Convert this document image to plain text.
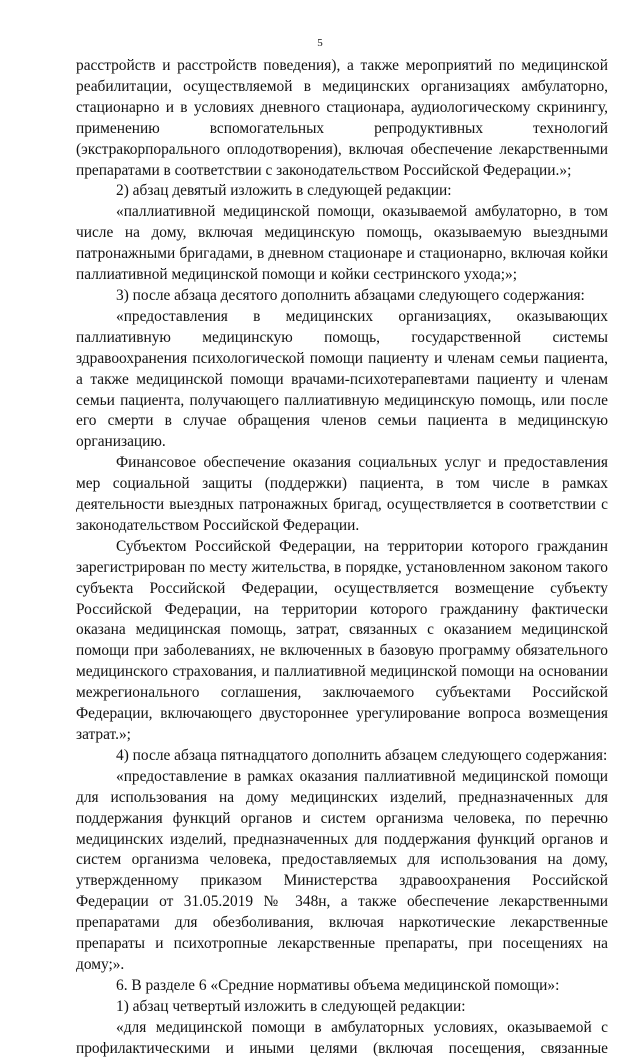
5

расстройств и расстройств поведения), а также мероприятий по медицинской реабилитации, осуществляемой в медицинских организациях амбулаторно, стационарно и в условиях дневного стационара, аудиологическому скринингу, применению вспомогательных репродуктивных технологий (экстракорпорального оплодотворения), включая обеспечение лекарственными препаратами в соответствии с законодательством Российской Федерации.»;

2) абзац девятый изложить в следующей редакции:

«паллиативной медицинской помощи, оказываемой амбулаторно, в том числе на дому, включая медицинскую помощь, оказываемую выездными патронажными бригадами, в дневном стационаре и стационарно, включая койки паллиативной медицинской помощи и койки сестринского ухода;»;

3) после абзаца десятого дополнить абзацами следующего содержания:

«предоставления в медицинских организациях, оказывающих паллиативную медицинскую помощь, государственной системы здравоохранения психологической помощи пациенту и членам семьи пациента, а также медицинской помощи врачами-психотерапевтами пациенту и членам семьи пациента, получающего паллиативную медицинскую помощь, или после его смерти в случае обращения членов семьи пациента в медицинскую организацию.

Финансовое обеспечение оказания социальных услуг и предоставления мер социальной защиты (поддержки) пациента, в том числе в рамках деятельности выездных патронажных бригад, осуществляется в соответствии с законодательством Российской Федерации.

Субъектом Российской Федерации, на территории которого гражданин зарегистрирован по месту жительства, в порядке, установленном законом такого субъекта Российской Федерации, осуществляется возмещение субъекту Российской Федерации, на территории которого гражданину фактически оказана медицинская помощь, затрат, связанных с оказанием медицинской помощи при заболеваниях, не включенных в базовую программу обязательного медицинского страхования, и паллиативной медицинской помощи на основании межрегионального соглашения, заключаемого субъектами Российской Федерации, включающего двустороннее урегулирование вопроса возмещения затрат.»;

4) после абзаца пятнадцатого дополнить абзацем следующего содержания:

«предоставление в рамках оказания паллиативной медицинской помощи для использования на дому медицинских изделий, предназначенных для поддержания функций органов и систем организма человека, по перечню медицинских изделий, предназначенных для поддержания функций органов и систем организма человека, предоставляемых для использования на дому, утвержденному приказом Министерства здравоохранения Российской Федерации от 31.05.2019 № 348н, а также обеспечение лекарственными препаратами для обезболивания, включая наркотические лекарственные препараты и психотропные лекарственные препараты, при посещениях на дому;».

6. В разделе 6 «Средние нормативы объема медицинской помощи»:

1) абзац четвертый изложить в следующей редакции:

«для медицинской помощи в амбулаторных условиях, оказываемой с профилактическими и иными целями (включая посещения, связанные
